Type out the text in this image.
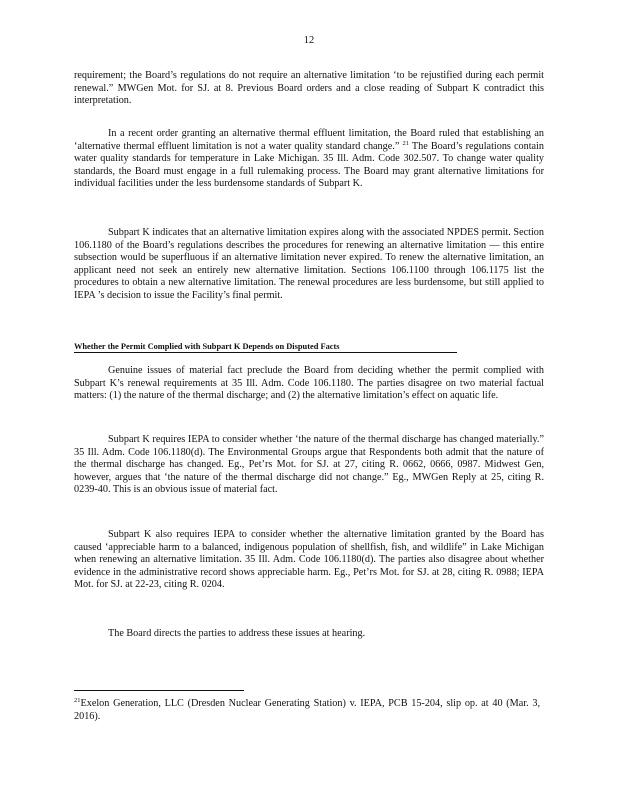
12

requirement; the Board’s regulations do not require an alternative limitation ‘to be rejustified during each permit renewal.” MWGen Mot. for SJ. at 8. Previous Board orders and a close reading of Subpart K contradict this interpretation.

In a recent order granting an alternative thermal effluent limitation, the Board ruled that establishing an ‘alternative thermal effluent limitation is not a water quality standard change.” $^{21}$ The Board’s regulations contain water quality standards for temperature in Lake Michigan. 35 Ill. Adm. Code 302.507. To change water quality standards, the Board must engage in a full rulemaking process. The Board may grant alternative limitations for individual facilities under the less burdensome standards of Subpart K.

Subpart K indicates that an alternative limitation expires along with the associated NPDES permit. Section 106.1180 of the Board’s regulations describes the procedures for renewing an alternative limitation — this entire subsection would be superfluous if an alternative limitation never expired. To renew the alternative limitation, an applicant need not seek an entirely new alternative limitation. Sections 106.1100 through 106.1175 list the procedures to obtain a new alternative limitation. The renewal procedures are less burdensome, but still applied to IEPA ’s decision to issue the Facility’s final permit.

Whether the Permit Complied with Subpart K Depends on Disputed Facts

Genuine issues of material fact preclude the Board from deciding whether the permit complied with Subpart K’s renewal requirements at 35 Ill. Adm. Code 106.1180. The parties disagree on two material factual matters: (1) the nature of the thermal discharge; and (2) the alternative limitation’s effect on aquatic life.

Subpart K requires IEPA to consider whether ‘the nature of the thermal discharge has changed materially.” 35 Ill. Adm. Code 106.1180(d). The Environmental Groups argue that Respondents both admit that the nature of the thermal discharge has changed. Eg., Pet’rs Mot. for SJ. at 27, citing R. 0662, 0666, 0987. Midwest Gen, however, argues that ‘the nature of the thermal discharge did not change.” Eg., MWGen Reply at 25, citing R. 0239-40. This is an obvious issue of material fact.

Subpart K also requires IEPA to consider whether the alternative limitation granted by the Board has caused ‘appreciable harm to a balanced, indigenous population of shellfish, fish, and wildlife” in Lake Michigan when renewing an alternative limitation. 35 Ill. Adm. Code 106.1180(d). The parties also disagree about whether evidence in the administrative record shows appreciable harm. Eg., Pet’rs Mot. for SJ. at 28, citing R. 0988; IEPA Mot. for SJ. at 22-23, citing R. 0204.

The Board directs the parties to address these issues at hearing.

$^{21}$Exelon Generation, LLC (Dresden Nuclear Generating Station) v. IEPA, PCB 15-204, slip op. at 40 (Mar. 3, 2016).
